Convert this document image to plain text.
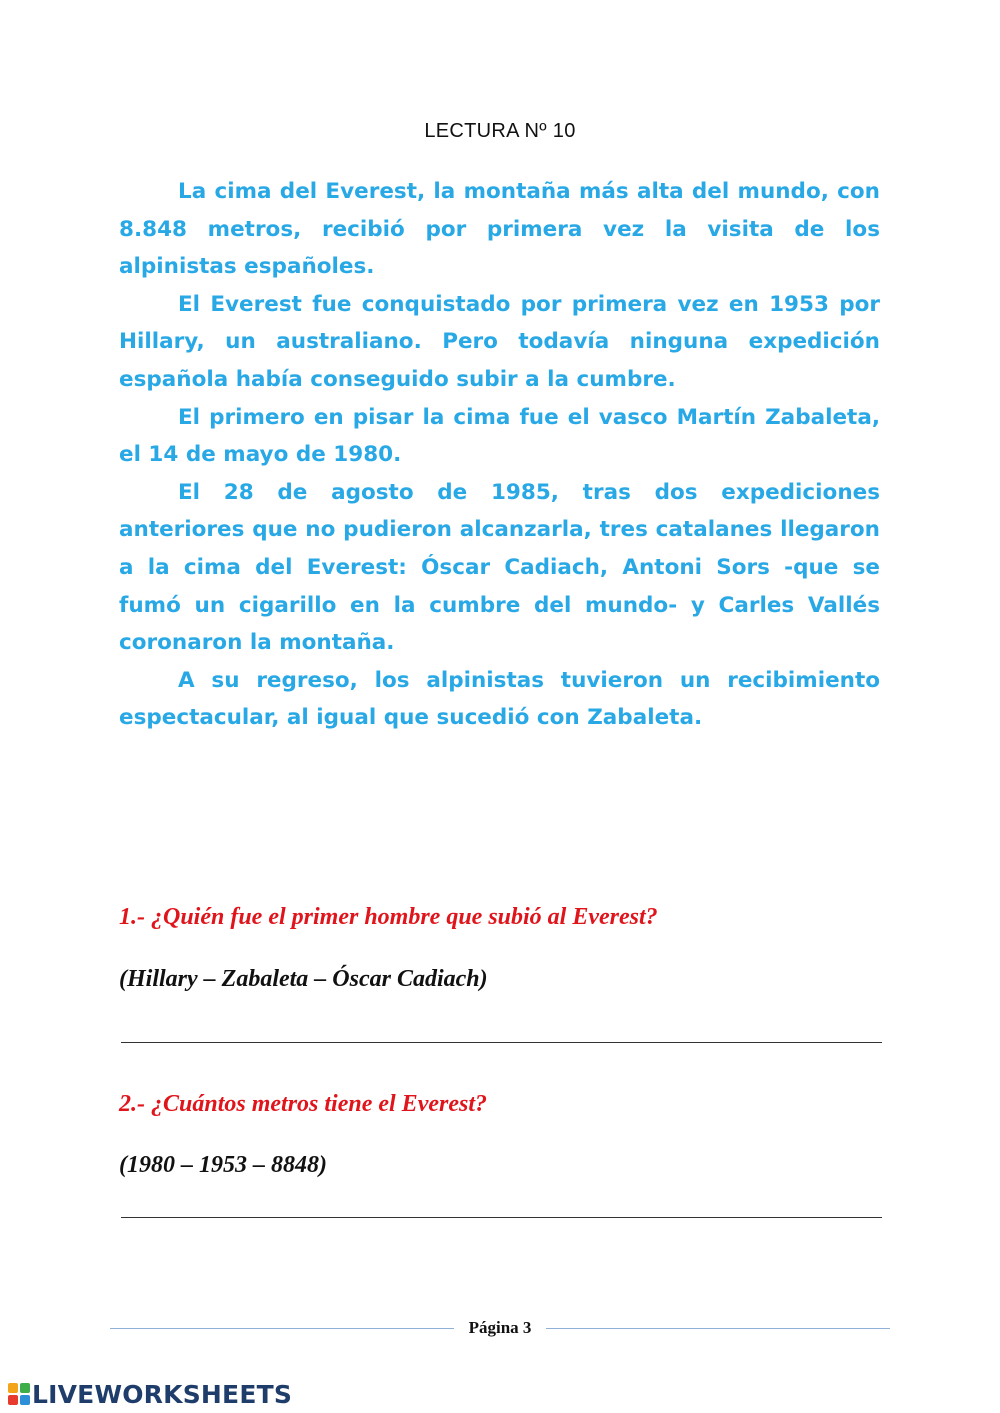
LECTURA Nº 10

La cima del Everest, la montaña más alta del mundo, con 8.848 metros, recibió por primera vez la visita de los alpinistas españoles.

El Everest fue conquistado por primera vez en 1953 por Hillary, un australiano. Pero todavía ninguna expedición española había conseguido subir a la cumbre.

El primero en pisar la cima fue el vasco Martín Zabaleta, el 14 de mayo de 1980.

El 28 de agosto de 1985, tras dos expediciones anteriores que no pudieron alcanzarla, tres catalanes llegaron a la cima del Everest: Óscar Cadiach, Antoni Sors -que se fumó un cigarillo en la cumbre del mundo- y Carles Vallés coronaron la montaña.

A su regreso, los alpinistas tuvieron un recibimiento espectacular, al igual que sucedió con Zabaleta.

1.- ¿Quién fue el primer hombre que subió al Everest?
(Hillary – Zabaleta – Óscar Cadiach)
2.- ¿Cuántos metros tiene el Everest?
(1980 – 1953 – 8848)
Página 3
LIVEWORKSHEETS
